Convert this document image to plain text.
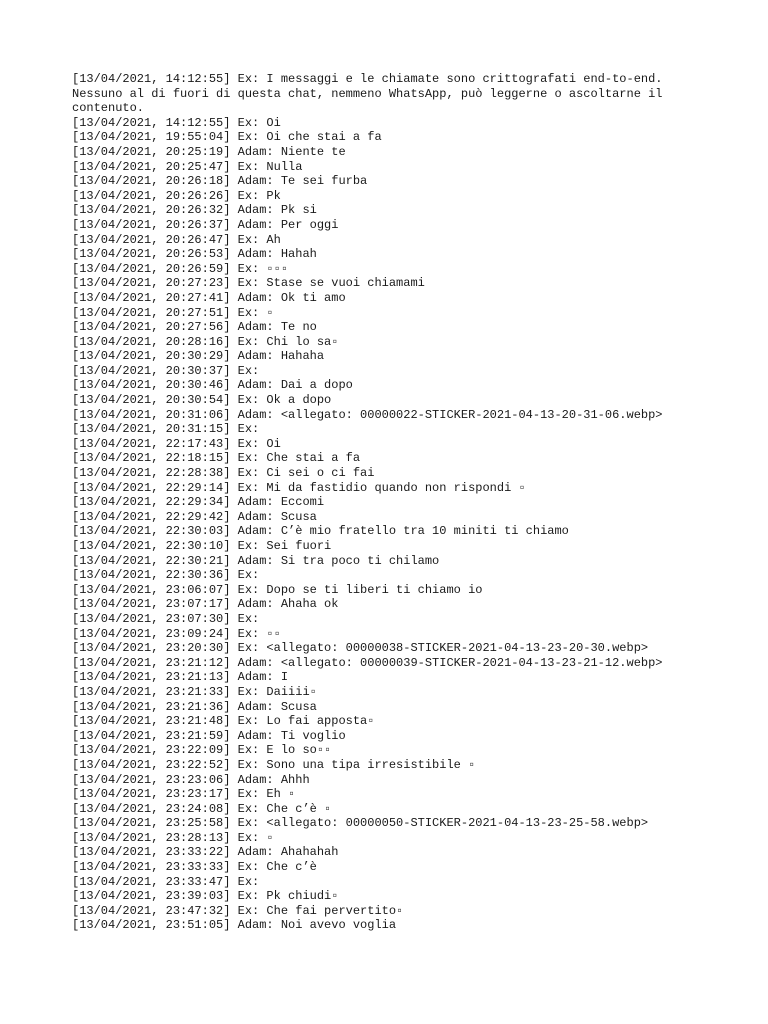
[13/04/2021, 14:12:55] Ex: I messaggi e le chiamate sono crittografati end-to-end.
Nessuno al di fuori di questa chat, nemmeno WhatsApp, può leggerne o ascoltarne il
contenuto.
[13/04/2021, 14:12:55] Ex: Oi
[13/04/2021, 19:55:04] Ex: Oi che stai a fa
[13/04/2021, 20:25:19] Adam: Niente te
[13/04/2021, 20:25:47] Ex: Nulla
[13/04/2021, 20:26:18] Adam: Te sei furba
[13/04/2021, 20:26:26] Ex: Pk
[13/04/2021, 20:26:32] Adam: Pk si
[13/04/2021, 20:26:37] Adam: Per oggi
[13/04/2021, 20:26:47] Ex: Ah
[13/04/2021, 20:26:53] Adam: Hahah
[13/04/2021, 20:26:59] Ex: ▫▫▫
[13/04/2021, 20:27:23] Ex: Stase se vuoi chiamami
[13/04/2021, 20:27:41] Adam: Ok ti amo
[13/04/2021, 20:27:51] Ex: ▫
[13/04/2021, 20:27:56] Adam: Te no
[13/04/2021, 20:28:16] Ex: Chi lo sa▫
[13/04/2021, 20:30:29] Adam: Hahaha
[13/04/2021, 20:30:37] Ex:
[13/04/2021, 20:30:46] Adam: Dai a dopo
[13/04/2021, 20:30:54] Ex: Ok a dopo
[13/04/2021, 20:31:06] Adam: <allegato: 00000022-STICKER-2021-04-13-20-31-06.webp>
[13/04/2021, 20:31:15] Ex:
[13/04/2021, 22:17:43] Ex: Oi
[13/04/2021, 22:18:15] Ex: Che stai a fa
[13/04/2021, 22:28:38] Ex: Ci sei o ci fai
[13/04/2021, 22:29:14] Ex: Mi da fastidio quando non rispondi ▫
[13/04/2021, 22:29:34] Adam: Eccomi
[13/04/2021, 22:29:42] Adam: Scusa
[13/04/2021, 22:30:03] Adam: C’è mio fratello tra 10 miniti ti chiamo
[13/04/2021, 22:30:10] Ex: Sei fuori
[13/04/2021, 22:30:21] Adam: Si tra poco ti chilamo
[13/04/2021, 22:30:36] Ex:
[13/04/2021, 23:06:07] Ex: Dopo se ti liberi ti chiamo io
[13/04/2021, 23:07:17] Adam: Ahaha ok
[13/04/2021, 23:07:30] Ex:
[13/04/2021, 23:09:24] Ex: ▫▫
[13/04/2021, 23:20:30] Ex: <allegato: 00000038-STICKER-2021-04-13-23-20-30.webp>
[13/04/2021, 23:21:12] Adam: <allegato: 00000039-STICKER-2021-04-13-23-21-12.webp>
[13/04/2021, 23:21:13] Adam: I
[13/04/2021, 23:21:33] Ex: Daiiii▫
[13/04/2021, 23:21:36] Adam: Scusa
[13/04/2021, 23:21:48] Ex: Lo fai apposta▫
[13/04/2021, 23:21:59] Adam: Ti voglio
[13/04/2021, 23:22:09] Ex: E lo so▫▫
[13/04/2021, 23:22:52] Ex: Sono una tipa irresistibile ▫
[13/04/2021, 23:23:06] Adam: Ahhh
[13/04/2021, 23:23:17] Ex: Eh ▫
[13/04/2021, 23:24:08] Ex: Che c’è ▫
[13/04/2021, 23:25:58] Ex: <allegato: 00000050-STICKER-2021-04-13-23-25-58.webp>
[13/04/2021, 23:28:13] Ex: ▫
[13/04/2021, 23:33:22] Adam: Ahahahah
[13/04/2021, 23:33:33] Ex: Che c’è
[13/04/2021, 23:33:47] Ex:
[13/04/2021, 23:39:03] Ex: Pk chiudi▫
[13/04/2021, 23:47:32] Ex: Che fai pervertito▫
[13/04/2021, 23:51:05] Adam: Noi avevo voglia
